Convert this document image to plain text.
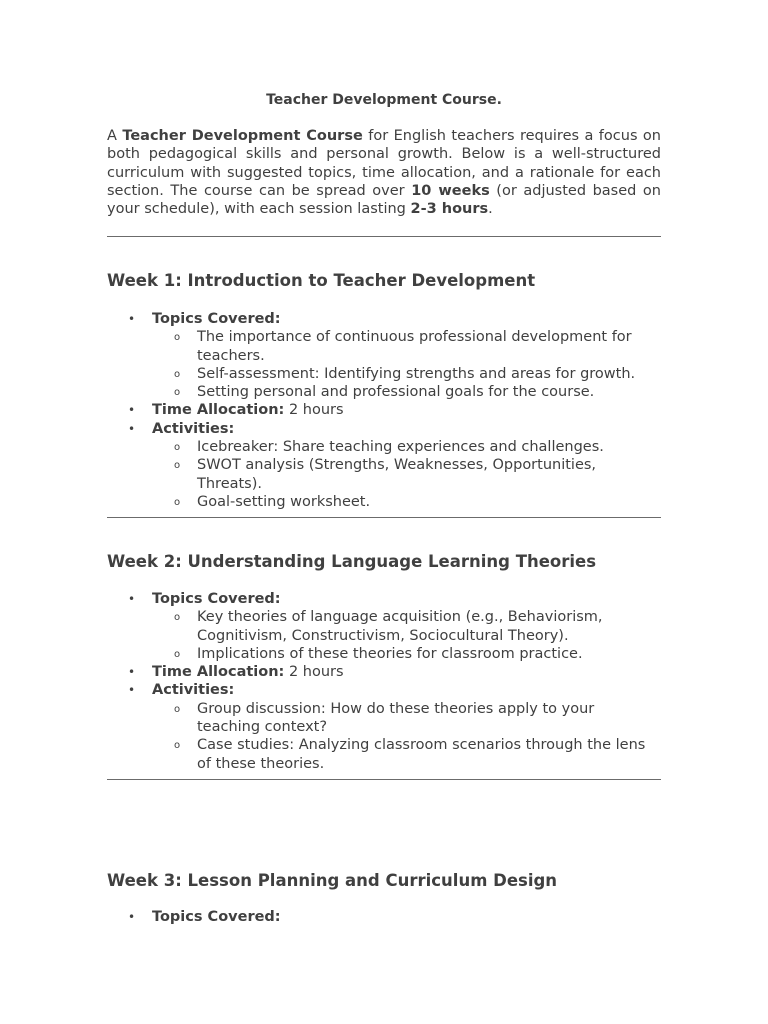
Teacher Development Course.

A Teacher Development Course for English teachers requires a focus on both pedagogical skills and personal growth. Below is a well-structured curriculum with suggested topics, time allocation, and a rationale for each section. The course can be spread over 10 weeks (or adjusted based on your schedule), with each session lasting 2-3 hours.

Week 1: Introduction to Teacher Development
• Topics Covered:
o The importance of continuous professional development for teachers.
o Self-assessment: Identifying strengths and areas for growth.
o Setting personal and professional goals for the course.
• Time Allocation: 2 hours
• Activities:
o Icebreaker: Share teaching experiences and challenges.
o SWOT analysis (Strengths, Weaknesses, Opportunities, Threats).
o Goal-setting worksheet.
Week 2: Understanding Language Learning Theories
• Topics Covered:
o Key theories of language acquisition (e.g., Behaviorism, Cognitivism, Constructivism, Sociocultural Theory).
o Implications of these theories for classroom practice.
• Time Allocation: 2 hours
• Activities:
o Group discussion: How do these theories apply to your teaching context?
o Case studies: Analyzing classroom scenarios through the lens of these theories.
Week 3: Lesson Planning and Curriculum Design
• Topics Covered:
